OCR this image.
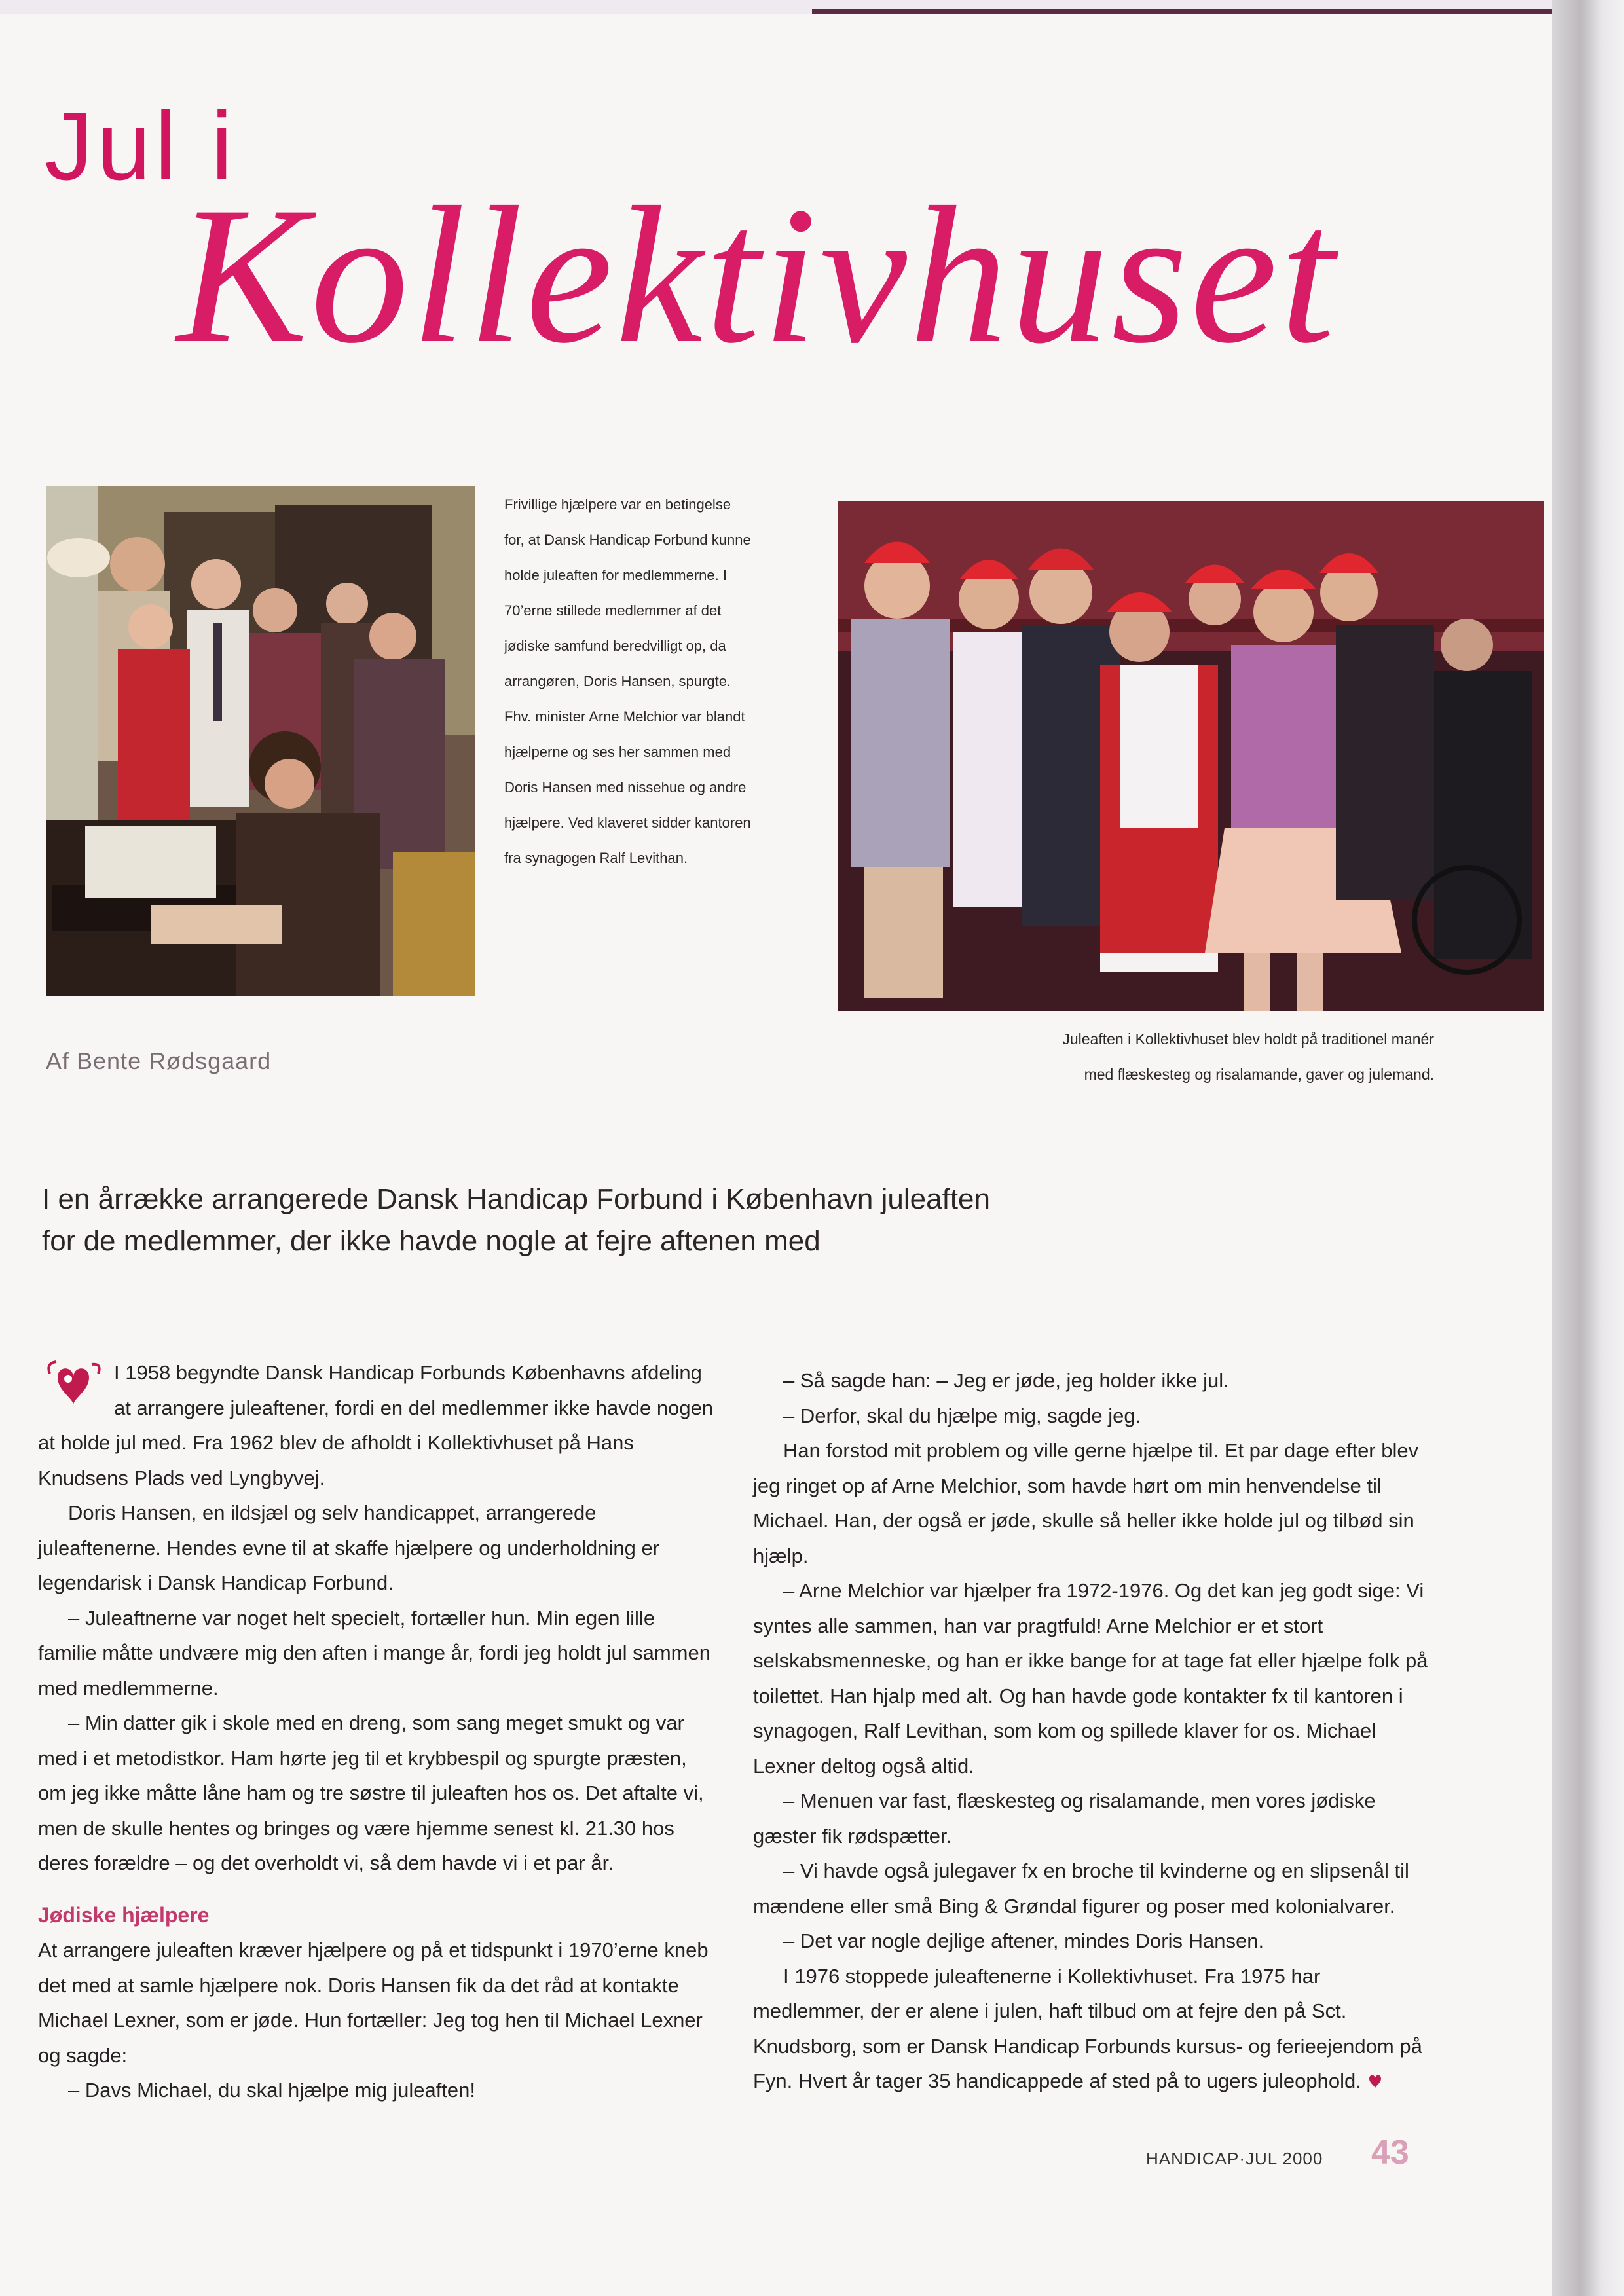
Jul i
Kollektivhuset
Frivillige hjælpere var en betingelse
for, at Dansk Handicap Forbund kunne
holde juleaften for medlemmerne. I
70’erne stillede medlemmer af det
jødiske samfund beredvilligt op, da
arrangøren, Doris Hansen, spurgte.
Fhv. minister Arne Melchior var blandt
hjælperne og ses her sammen med
Doris Hansen med nissehue og andre
hjælpere. Ved klaveret sidder kantoren
fra synagogen Ralf Levithan.
Juleaften i Kollektivhuset blev holdt på traditionel manér
med flæskesteg og risalamande, gaver og julemand.
Af Bente Rødsgaard
I en årrække arrangerede Dansk Handicap Forbund i København juleaften
for de medlemmer, der ikke havde nogle at fejre aftenen med

I 1958 begyndte Dansk Handicap Forbunds Københavns afdeling at arrangere juleaftener, fordi en del medlemmer ikke havde nogen at holde jul med. Fra 1962 blev de afholdt i Kollektivhuset på Hans Knudsens Plads ved Lyngbyvej.

Doris Hansen, en ildsjæl og selv handicappet, arrangerede juleaftenerne. Hendes evne til at skaffe hjælpere og underholdning er legendarisk i Dansk Handicap Forbund.

– Juleaftnerne var noget helt specielt, fortæller hun. Min egen lille familie måtte undvære mig den aften i mange år, fordi jeg holdt jul sammen med medlemmerne.

– Min datter gik i skole med en dreng, som sang meget smukt og var med i et metodistkor. Ham hørte jeg til et krybbespil og spurgte præsten, om jeg ikke måtte låne ham og tre søstre til juleaften hos os. Det aftalte vi, men de skulle hentes og bringes og være hjemme senest kl. 21.30 hos deres forældre – og det overholdt vi, så dem havde vi i et par år.

Jødiske hjælpere

At arrangere juleaften kræver hjælpere og på et tidspunkt i 1970’erne kneb det med at samle hjælpere nok. Doris Hansen fik da det råd at kontakte Michael Lexner, som er jøde. Hun fortæller: Jeg tog hen til Michael Lexner og sagde:

– Davs Michael, du skal hjælpe mig juleaften!

– Så sagde han: – Jeg er jøde, jeg holder ikke jul.

– Derfor, skal du hjælpe mig, sagde jeg.

Han forstod mit problem og ville gerne hjælpe til. Et par dage efter blev jeg ringet op af Arne Melchior, som havde hørt om min henvendelse til Michael. Han, der også er jøde, skulle så heller ikke holde jul og tilbød sin hjælp.

– Arne Melchior var hjælper fra 1972-1976. Og det kan jeg godt sige: Vi syntes alle sammen, han var pragtfuld! Arne Melchior er et stort selskabsmenneske, og han er ikke bange for at tage fat eller hjælpe folk på toilettet. Han hjalp med alt. Og han havde gode kontakter fx til kantoren i synagogen, Ralf Levithan, som kom og spillede klaver for os. Michael Lexner deltog også altid.

– Menuen var fast, flæskesteg og risalamande, men vores jødiske gæster fik rødspætter.

– Vi havde også julegaver fx en broche til kvinderne og en slipsenål til mændene eller små Bing & Grøndal figurer og poser med kolonialvarer.

– Det var nogle dejlige aftener, mindes Doris Hansen.

I 1976 stoppede juleaftenerne i Kollektivhuset. Fra 1975 har medlemmer, der er alene i julen, haft tilbud om at fejre den på Sct. Knudsborg, som er Dansk Handicap Forbunds kursus- og ferieejendom på Fyn. Hvert år tager 35 handicappede af sted på to ugers juleophold.

HANDICAP·JUL 2000 43
